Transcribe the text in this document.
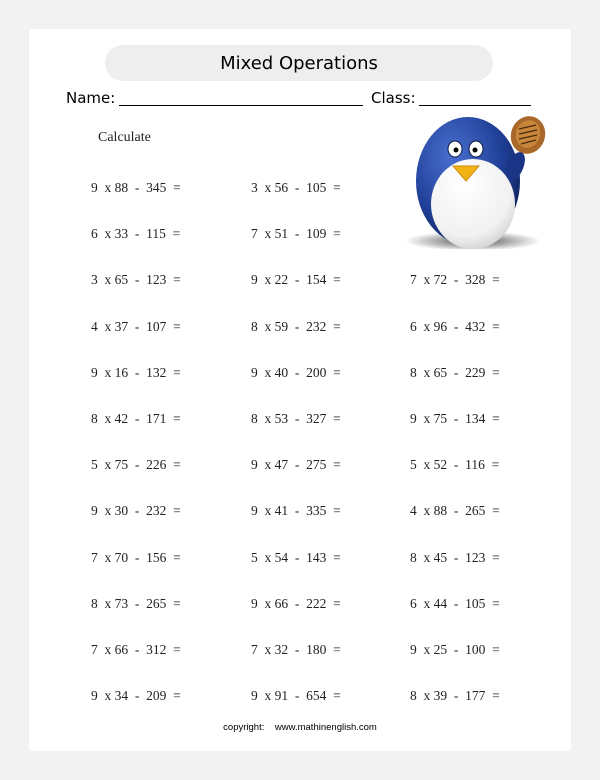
Mixed Operations
Name:	Class:
Calculate
9  x 88  -  345  =	3  x 56  -  105  =
6  x 33  -  115  =	7  x 51  -  109  =
3  x 65  -  123  =	9  x 22  -  154  =	7  x 72  -  328  =
4  x 37  -  107  =	8  x 59  -  232  =	6  x 96  -  432  =
9  x 16  -  132  =	9  x 40  -  200  =	8  x 65  -  229  =
8  x 42  -  171  =	8  x 53  -  327  =	9  x 75  -  134  =
5  x 75  -  226  =	9  x 47  -  275  =	5  x 52  -  116  =
9  x 30  -  232  =	9  x 41  -  335  =	4  x 88  -  265  =
7  x 70  -  156  =	5  x 54  -  143  =	8  x 45  -  123  =
8  x 73  -  265  =	9  x 66  -  222  =	6  x 44  -  105  =
7  x 66  -  312  =	7  x 32  -  180  =	9  x 25  -  100  =
9  x 34  -  209  =	9  x 91  -  654  =	8  x 39  -  177  =
copyright:    www.mathinenglish.com
